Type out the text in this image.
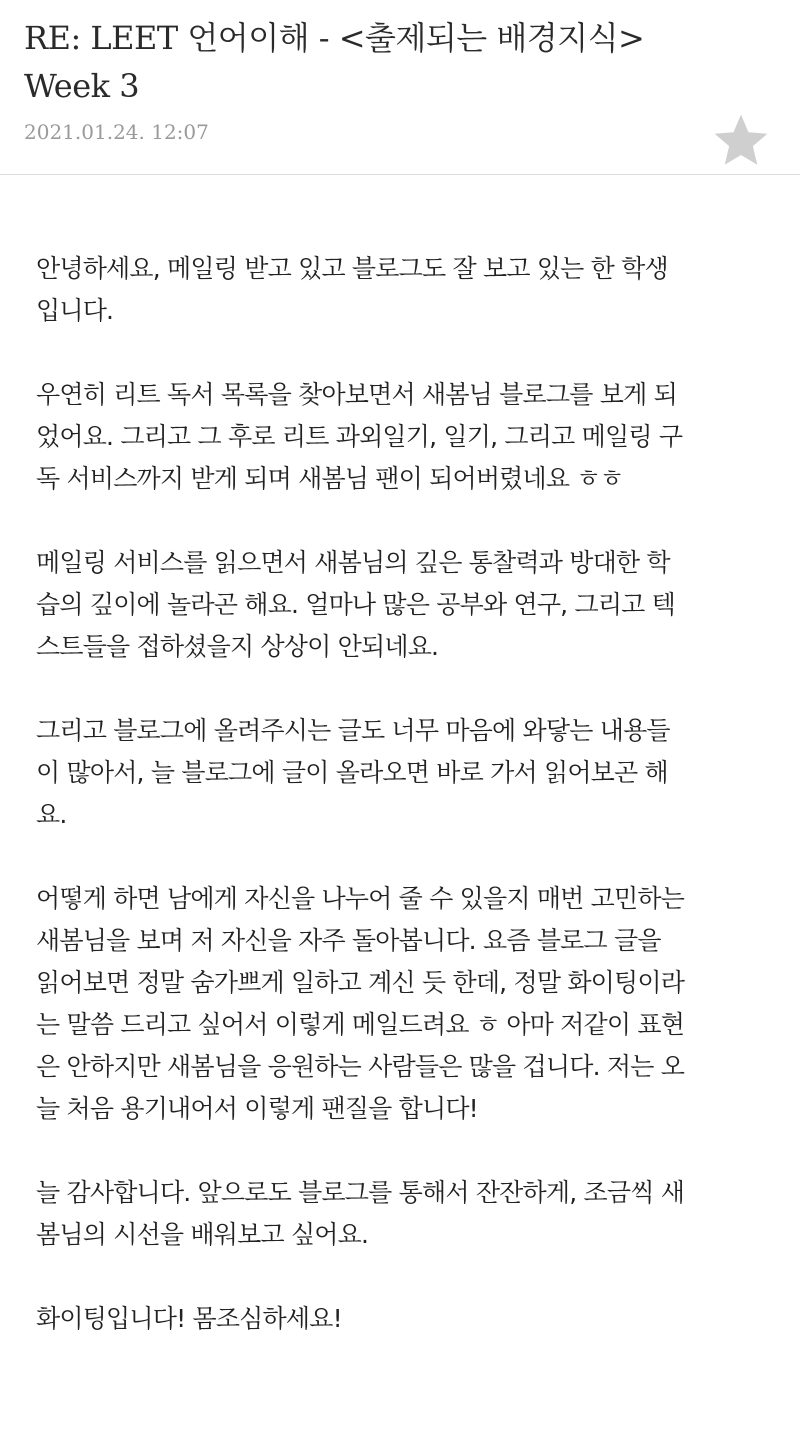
RE: LEET 언어이해 - <출제되는 배경지식>
Week 3
2021.01.24. 12:07

안녕하세요, 메일링 받고 있고 블로그도 잘 보고 있는 한 학생
입니다.

우연히 리트 독서 목록을 찾아보면서 새봄님 블로그를 보게 되
었어요. 그리고 그 후로 리트 과외일기, 일기, 그리고 메일링 구
독 서비스까지 받게 되며 새봄님 팬이 되어버렸네요 ㅎㅎ

메일링 서비스를 읽으면서 새봄님의 깊은 통찰력과 방대한 학
습의 깊이에 놀라곤 해요. 얼마나 많은 공부와 연구, 그리고 텍
스트들을 접하셨을지 상상이 안되네요.

그리고 블로그에 올려주시는 글도 너무 마음에 와닿는 내용들
이 많아서, 늘 블로그에 글이 올라오면 바로 가서 읽어보곤 해
요.

어떻게 하면 남에게 자신을 나누어 줄 수 있을지 매번 고민하는
새봄님을 보며 저 자신을 자주 돌아봅니다. 요즘 블로그 글을
읽어보면 정말 숨가쁘게 일하고 계신 듯 한데, 정말 화이팅이라
는 말씀 드리고 싶어서 이렇게 메일드려요 ㅎ 아마 저같이 표현
은 안하지만 새봄님을 응원하는 사람들은 많을 겁니다. 저는 오
늘 처음 용기내어서 이렇게 팬질을 합니다!

늘 감사합니다. 앞으로도 블로그를 통해서 잔잔하게, 조금씩 새
봄님의 시선을 배워보고 싶어요.

화이팅입니다! 몸조심하세요!
